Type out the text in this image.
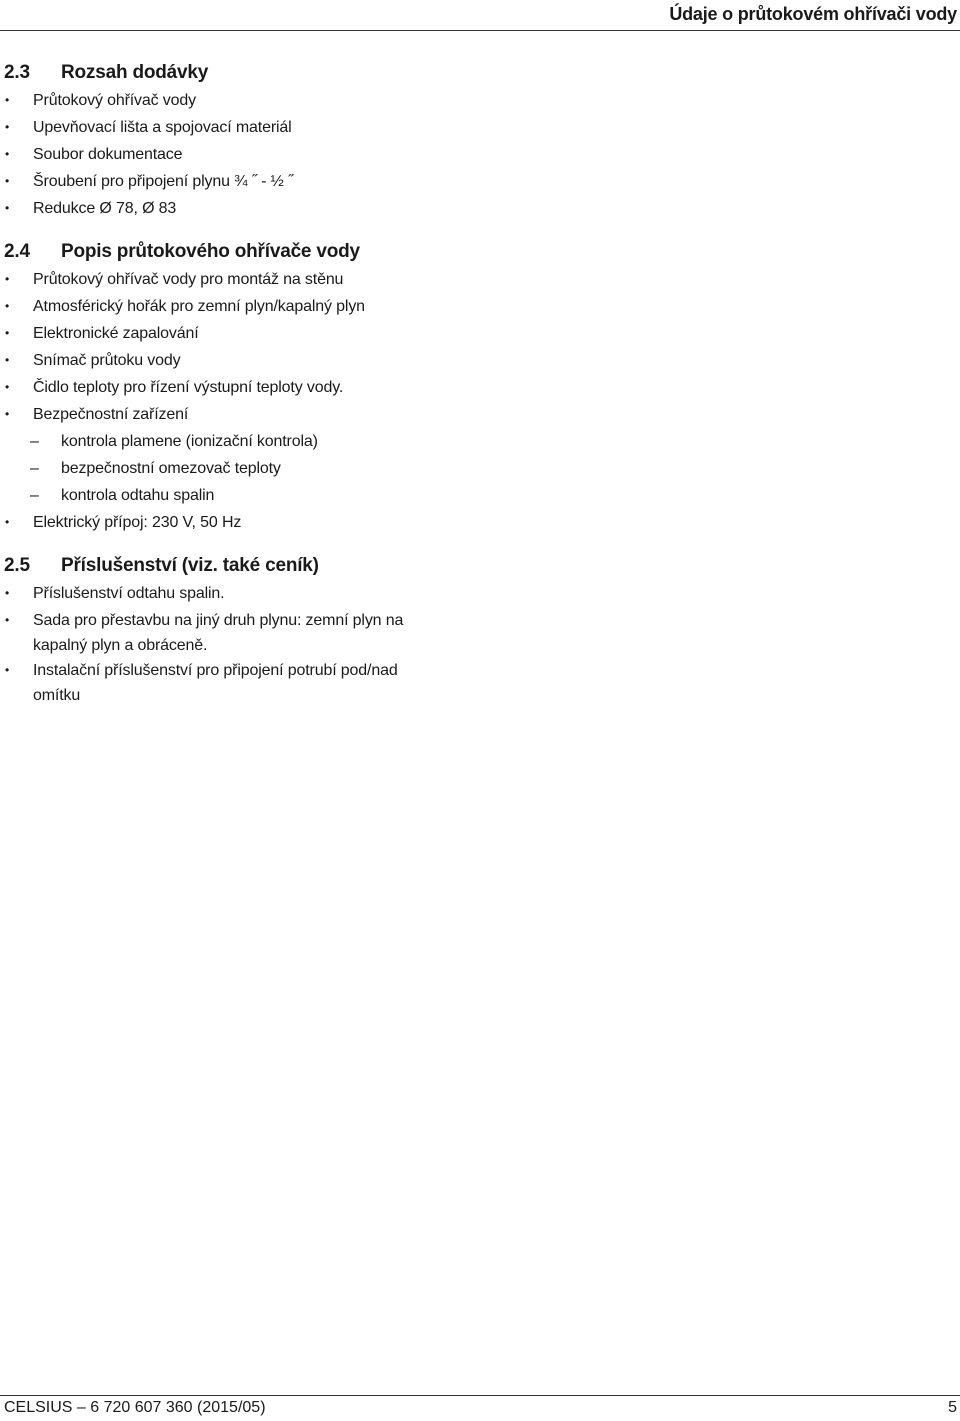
Údaje o průtokovém ohřívači vody
2.3	Rozsah dodávky
•	Průtokový ohřívač vody
•	Upevňovací lišta a spojovací materiál
•	Soubor dokumentace
•	Šroubení pro připojení plynu ¾ ˝ - ½ ˝
•	Redukce Ø 78, Ø 83
2.4	Popis průtokového ohřívače vody
•	Průtokový ohřívač vody pro montáž na stěnu
•	Atmosférický hořák pro zemní plyn/kapalný plyn
•	Elektronické zapalování
•	Snímač průtoku vody
•	Čidlo teploty pro řízení výstupní teploty vody.
•	Bezpečnostní zařízení
–	kontrola plamene (ionizační kontrola)
–	bezpečnostní omezovač teploty
–	kontrola odtahu spalin
•	Elektrický přípoj: 230 V, 50 Hz
2.5	Příslušenství (viz. také ceník)
•	Příslušenství odtahu spalin.
•	Sada pro přestavbu na jiný druh plynu: zemní plyn na kapalný plyn a obráceně.
•	Instalační příslušenství pro připojení potrubí pod/nad omítku
CELSIUS – 6 720 607 360 (2015/05)	5
